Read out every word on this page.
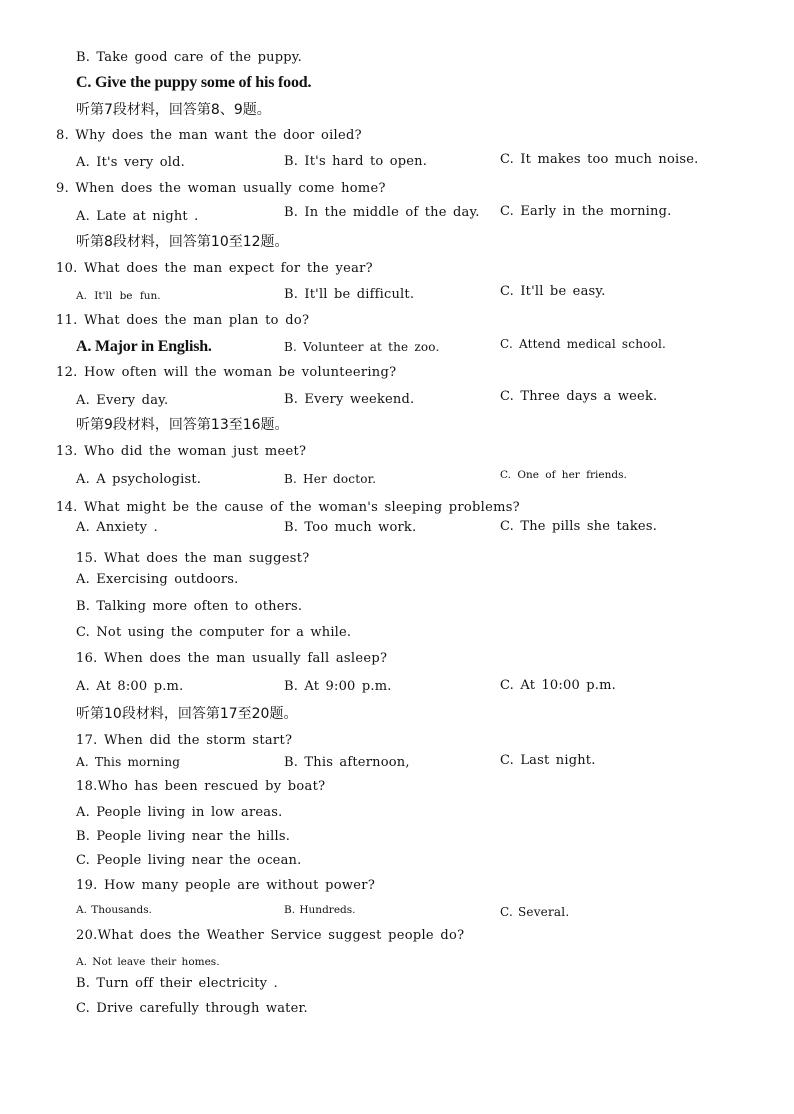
B. Take good care of the puppy.
C. Give the puppy some of his food.
听第7段材料，回答第8、9题。
8. Why does the man want the door oiled?
A. It's very old.	B. It's hard to open.	C. It makes too much noise.
9. When does the woman usually come home?
A. Late at night .	B. In the middle of the day. C. Early in the morning.
听第8段材料，回答第10至12题。
10. What does the man expect for the year?
A. It'll be fun.	B. It'll be difficult.	C. It'll be easy.
11. What does the man plan to do?
A. Major in English.	B. Volunteer at the zoo.	C. Attend medical school.
12. How often will the woman be volunteering?
A. Every day.	B. Every weekend.	C. Three days a week.
听第9段材料，回答第13至16题。
13. Who did the woman just meet?
A. A psychologist.	B. Her doctor.	C. One of her friends.
14. What might be the cause of the woman's sleeping problems?
A. Anxiety .	B. Too much work.	C. The pills she takes.
15. What does the man suggest?
A. Exercising outdoors.
B. Talking more often to others.
C. Not using the computer for a while.
16. When does the man usually fall asleep?
A. At 8:00 p.m.	B. At 9:00 p.m.	C. At 10:00 p.m.
听第10段材料，回答第17至20题。
17. When did the storm start?
A. This morning	B. This afternoon,	C. Last night.
18.Who has been rescued by boat?
A. People living in low areas.
B. People living near the hills.
C. People living near the ocean.
19. How many people are without power?
A. Thousands.	B. Hundreds.	C. Several.
20.What does the Weather Service suggest people do?
A. Not leave their homes.
B. Turn off their electricity .
C. Drive carefully through water.
